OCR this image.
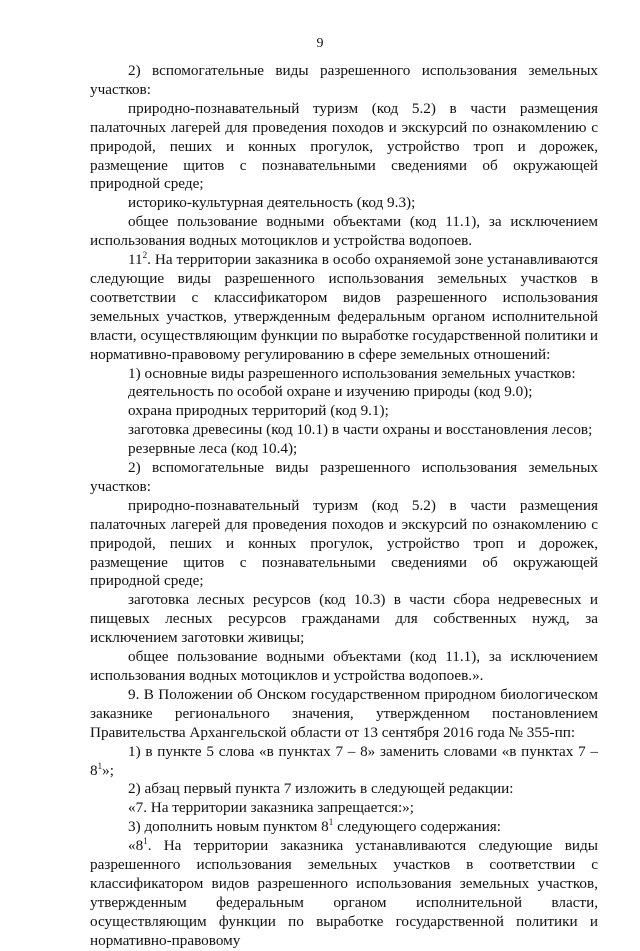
9

2) вспомогательные виды разрешенного использования земельных участков:

природно-познавательный туризм (код 5.2) в части размещения палаточных лагерей для проведения походов и экскурсий по ознакомлению с природой, пеших и конных прогулок, устройство троп и дорожек, размещение щитов с познавательными сведениями об окружающей природной среде;

историко-культурная деятельность (код 9.3);

общее пользование водными объектами (код 11.1), за исключением использования водных мотоциклов и устройства водопоев.

$11^2$. На территории заказника в особо охраняемой зоне устанавливаются следующие виды разрешенного использования земельных участков в соответствии с классификатором видов разрешенного использования земельных участков, утвержденным федеральным органом исполнительной власти, осуществляющим функции по выработке государственной политики и нормативно-правовому регулированию в сфере земельных отношений:

1) основные виды разрешенного использования земельных участков:

деятельность по особой охране и изучению природы (код 9.0);

охрана природных территорий (код 9.1);

заготовка древесины (код 10.1) в части охраны и восстановления лесов;

резервные леса (код 10.4);

2) вспомогательные виды разрешенного использования земельных участков:

природно-познавательный туризм (код 5.2) в части размещения палаточных лагерей для проведения походов и экскурсий по ознакомлению с природой, пеших и конных прогулок, устройство троп и дорожек, размещение щитов с познавательными сведениями об окружающей природной среде;

заготовка лесных ресурсов (код 10.3) в части сбора недревесных и пищевых лесных ресурсов гражданами для собственных нужд, за исключением заготовки живицы;

общее пользование водными объектами (код 11.1), за исключением использования водных мотоциклов и устройства водопоев.».

9. В Положении об Онском государственном природном биологическом заказнике регионального значения, утвержденном постановлением Правительства Архангельской области от 13 сентября 2016 года № 355-пп:

1) в пункте 5 слова «в пунктах 7 – 8» заменить словами «в пунктах $7 - 8^1$»;

2) абзац первый пункта 7 изложить в следующей редакции:

«7. На территории заказника запрещается:»;

3) дополнить новым пунктом $8^1$ следующего содержания:

«$8^1$. На территории заказника устанавливаются следующие виды разрешенного использования земельных участков в соответствии с классификатором видов разрешенного использования земельных участков, утвержденным федеральным органом исполнительной власти, осуществляющим функции по выработке государственной политики и нормативно-правовому
